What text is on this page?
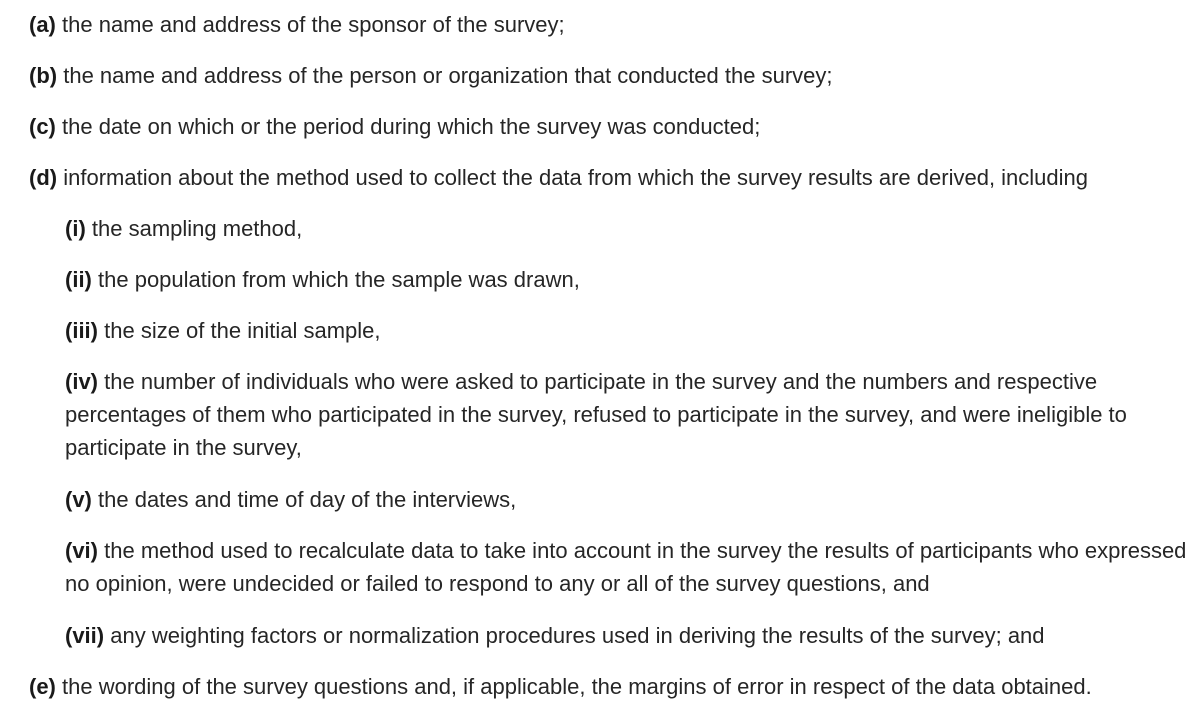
(a) the name and address of the sponsor of the survey;

(b) the name and address of the person or organization that conducted the survey;

(c) the date on which or the period during which the survey was conducted;

(d) information about the method used to collect the data from which the survey results are derived, including

(i) the sampling method,

(ii) the population from which the sample was drawn,

(iii) the size of the initial sample,

(iv) the number of individuals who were asked to participate in the survey and the numbers and respective percentages of them who participated in the survey, refused to participate in the survey, and were ineligible to participate in the survey,

(v) the dates and time of day of the interviews,

(vi) the method used to recalculate data to take into account in the survey the results of participants who expressed no opinion, were undecided or failed to respond to any or all of the survey questions, and

(vii) any weighting factors or normalization procedures used in deriving the results of the survey; and

(e) the wording of the survey questions and, if applicable, the margins of error in respect of the data obtained.
